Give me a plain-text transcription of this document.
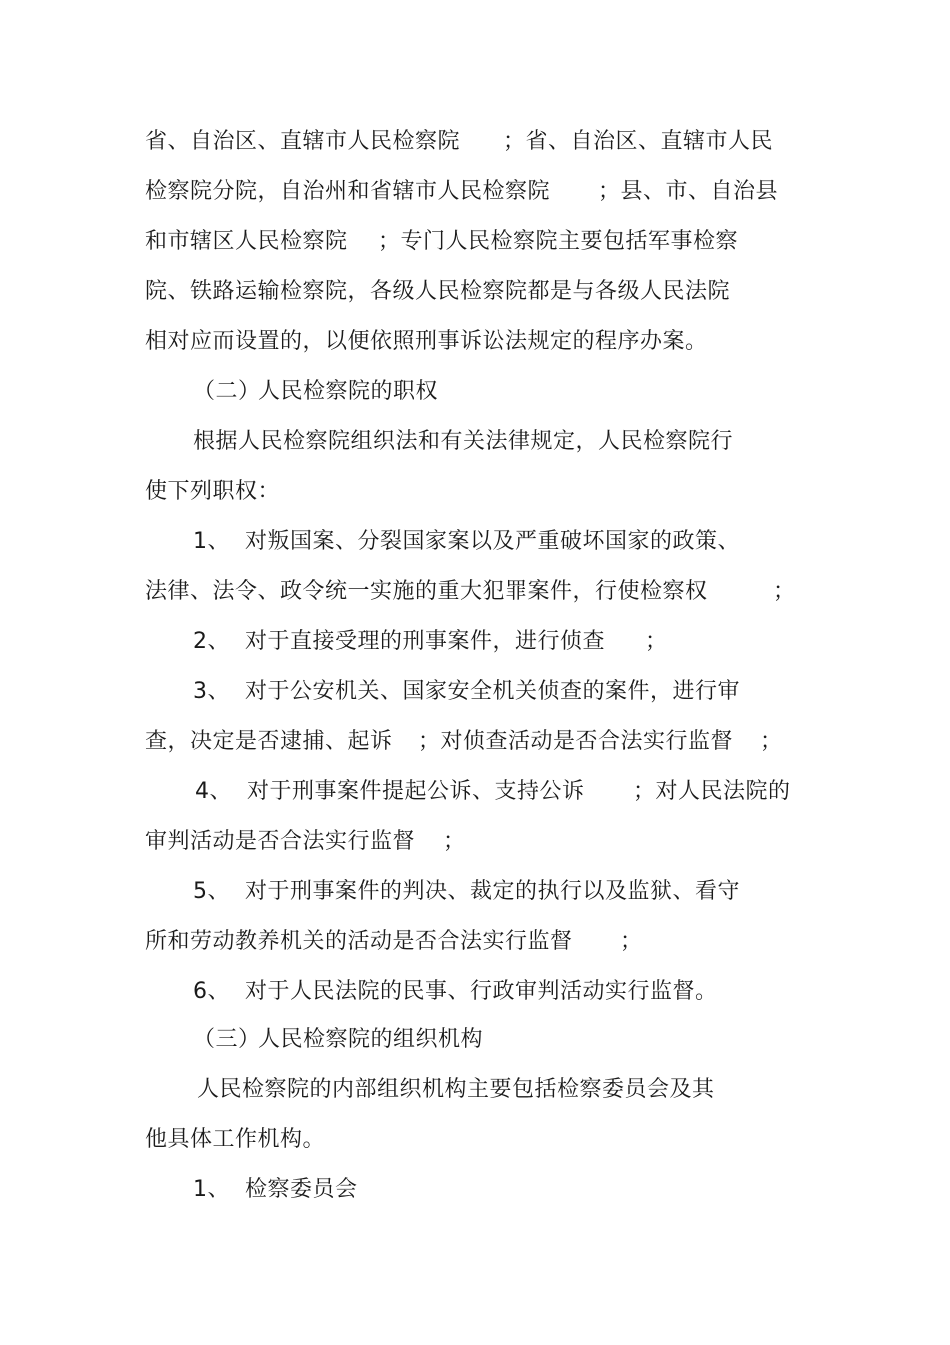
省、自治区、直辖市人民检察院

；省、自治区、直辖市人民

检察院分院，自治州和省辖市人民检察院

；县、市、自治县

和市辖区人民检察院

；专门人民检察院主要包括军事检察

院、铁路运输检察院，各级人民检察院都是与各级人民法院

相对应而设置的，以便依照刑事诉讼法规定的程序办案。

（二）

人民检察院的职权

根据人民检察院组织法和有关法律规定，人民检察院行

使下列职权：

1、

对叛国案、分裂国家案以及严重破坏国家的政策、

法律、法令、政令统一实施的重大犯罪案件，行使检察权

	；

2、

对于直接受理的刑事案件，进行侦查

；

3、

对于公安机关、国家安全机关侦查的案件，进行审

查，决定是否逮捕、起诉

；对侦查活动是否合法实行监督

；

4、

对于刑事案件提起公诉、支持公诉

；对人民法院的

审判活动是否合法实行监督

；

5、

对于刑事案件的判决、裁定的执行以及监狱、看守

所和劳动教养机关的活动是否合法实行监督

；

6、

对于人民法院的民事、行政审判活动实行监督。

（三）

人民检察院的组织机构

人民检察院的内部组织机构主要包括检察委员会及其

他具体工作机构。

1、

检察委员会
